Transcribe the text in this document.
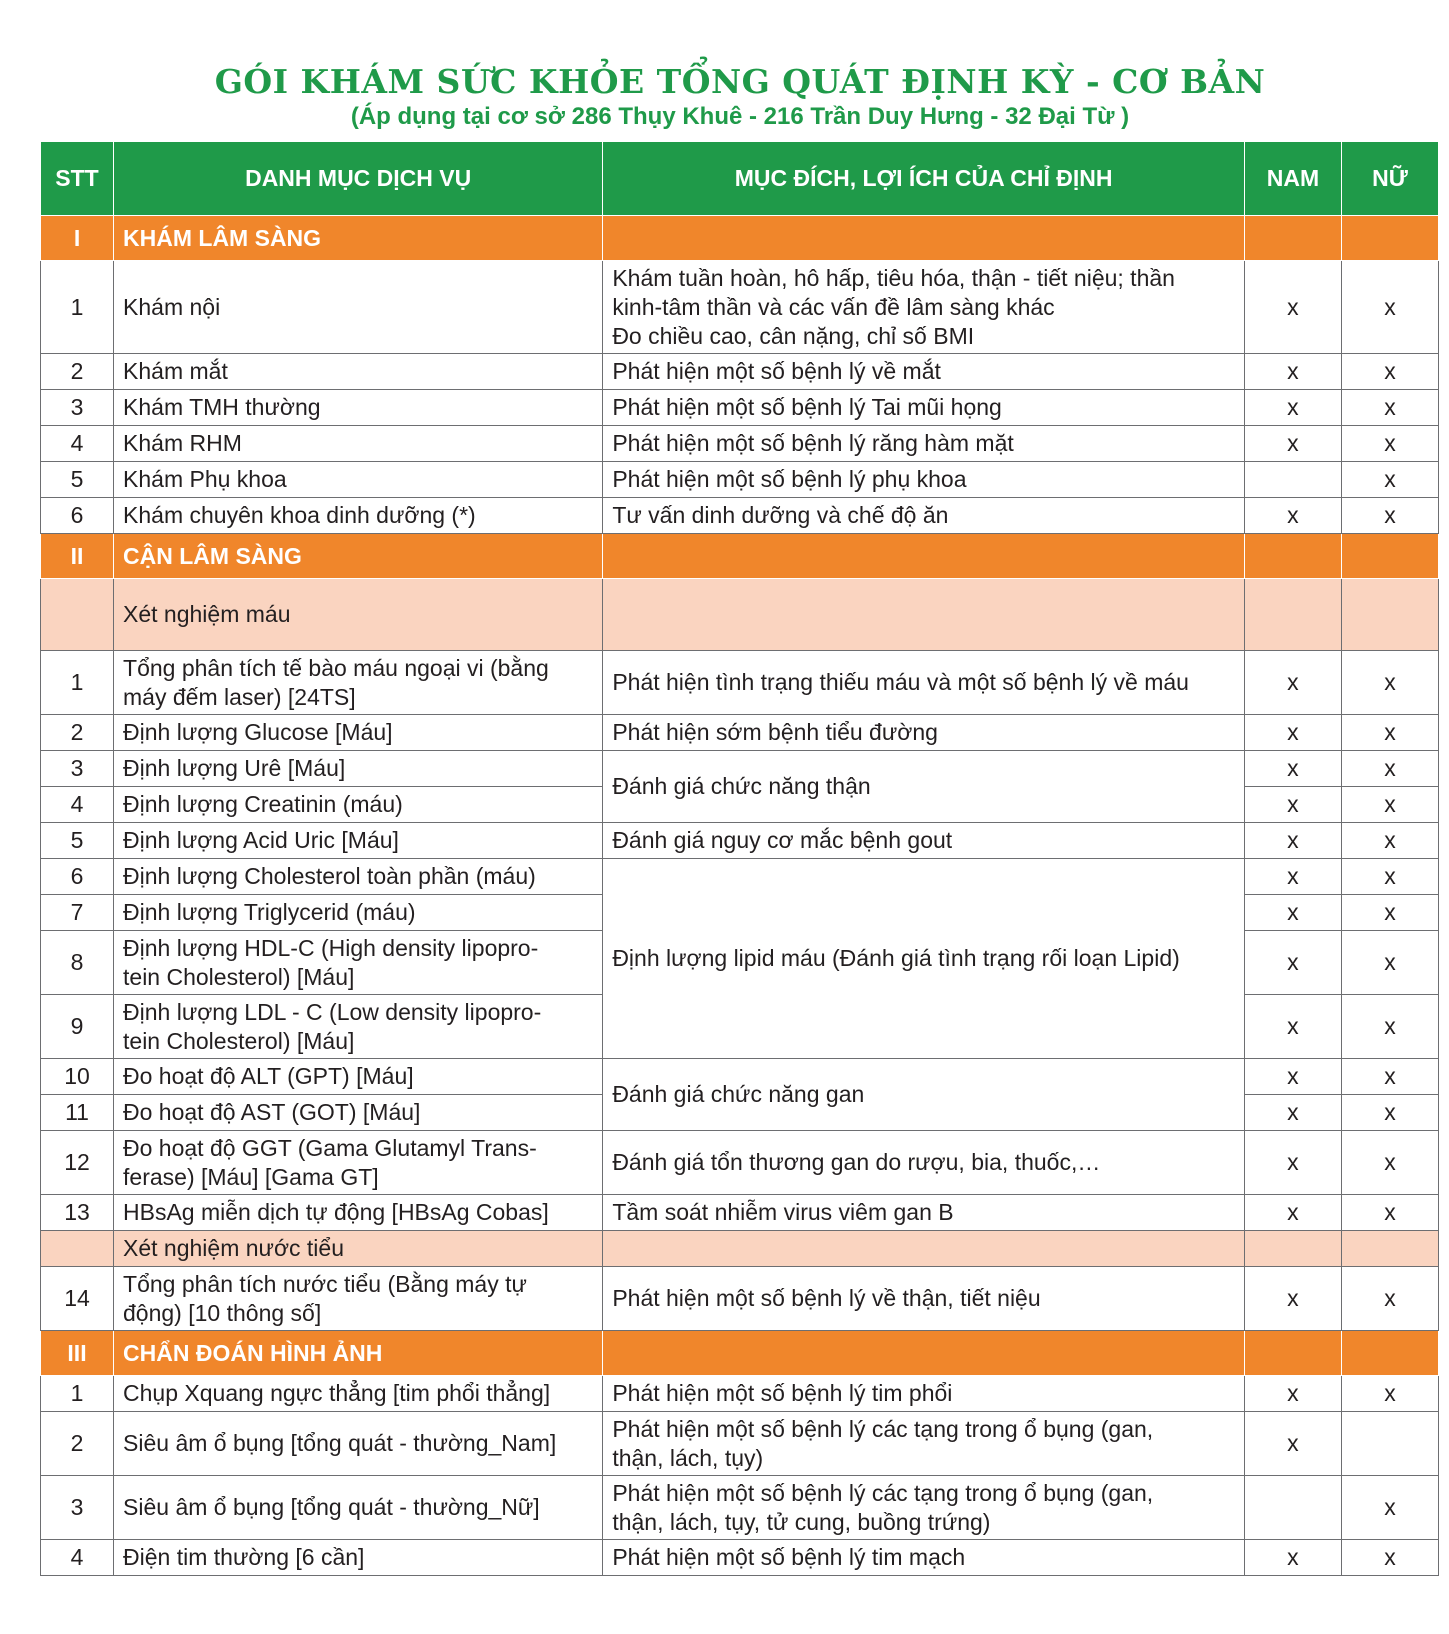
GÓI KHÁM SỨC KHỎE TỔNG QUÁT ĐỊNH KỲ - CƠ BẢN
(Áp dụng tại cơ sở 286 Thụy Khuê - 216 Trần Duy Hưng - 32 Đại Từ )
STT	DANH MỤC DỊCH VỤ	MỤC ĐÍCH, LỢI ÍCH CỦA CHỈ ĐỊNH	NAM	NỮ
I	KHÁM LÂM SÀNG			
1	Khám nội	Khám tuần hoàn, hô hấp, tiêu hóa, thận - tiết niệu; thần
kinh-tâm thần và các vấn đề lâm sàng khác
Đo chiều cao, cân nặng, chỉ số BMI	x	x
2	Khám mắt	Phát hiện một số bệnh lý về mắt	x	x
3	Khám TMH thường	Phát hiện một số bệnh lý Tai mũi họng	x	x
4	Khám RHM	Phát hiện một số bệnh lý răng hàm mặt	x	x
5	Khám Phụ khoa	Phát hiện một số bệnh lý phụ khoa		x
6	Khám chuyên khoa dinh dưỡng (*)	Tư vấn dinh dưỡng và chế độ ăn	x	x
II	CẬN LÂM SÀNG			
	Xét nghiệm máu			
1	Tổng phân tích tế bào máu ngoại vi (bằng
máy đếm laser) [24TS]	Phát hiện tình trạng thiếu máu và một số bệnh lý về máu	x	x
2	Định lượng Glucose [Máu]	Phát hiện sớm bệnh tiểu đường	x	x
3	Định lượng Urê [Máu]	Đánh giá chức năng thận	x	x
4	Định lượng Creatinin (máu)		x	x
5	Định lượng Acid Uric [Máu]	Đánh giá nguy cơ mắc bệnh gout	x	x
6	Định lượng Cholesterol toàn phần (máu)	Định lượng lipid máu (Đánh giá tình trạng rối loạn Lipid)	x	x
7	Định lượng Triglycerid (máu)		x	x
8	Định lượng HDL-C (High density lipopro-
tein Cholesterol) [Máu]		x	x
9	Định lượng LDL - C (Low density lipopro-
tein Cholesterol) [Máu]		x	x
10	Đo hoạt độ ALT (GPT) [Máu]	Đánh giá chức năng gan	x	x
11	Đo hoạt độ AST (GOT) [Máu]		x	x
12	Đo hoạt độ GGT (Gama Glutamyl Trans-
ferase) [Máu] [Gama GT]	Đánh giá tổn thương gan do rượu, bia, thuốc,…	x	x
13	HBsAg miễn dịch tự động [HBsAg Cobas]	Tầm soát nhiễm virus viêm gan B	x	x
	Xét nghiệm nước tiểu			
14	Tổng phân tích nước tiểu (Bằng máy tự
động) [10 thông số]	Phát hiện một số bệnh lý về thận, tiết niệu	x	x
III	CHẨN ĐOÁN HÌNH ẢNH			
1	Chụp Xquang ngực thẳng [tim phổi thẳng]	Phát hiện một số bệnh lý tim phổi	x	x
2	Siêu âm ổ bụng [tổng quát - thường_Nam]	Phát hiện một số bệnh lý các tạng trong ổ bụng (gan,
thận, lách, tụy)	x	
3	Siêu âm ổ bụng [tổng quát - thường_Nữ]	Phát hiện một số bệnh lý các tạng trong ổ bụng (gan,
thận, lách, tụy, tử cung, buồng trứng)		x
4	Điện tim thường [6 cần]	Phát hiện một số bệnh lý tim mạch	x	x
